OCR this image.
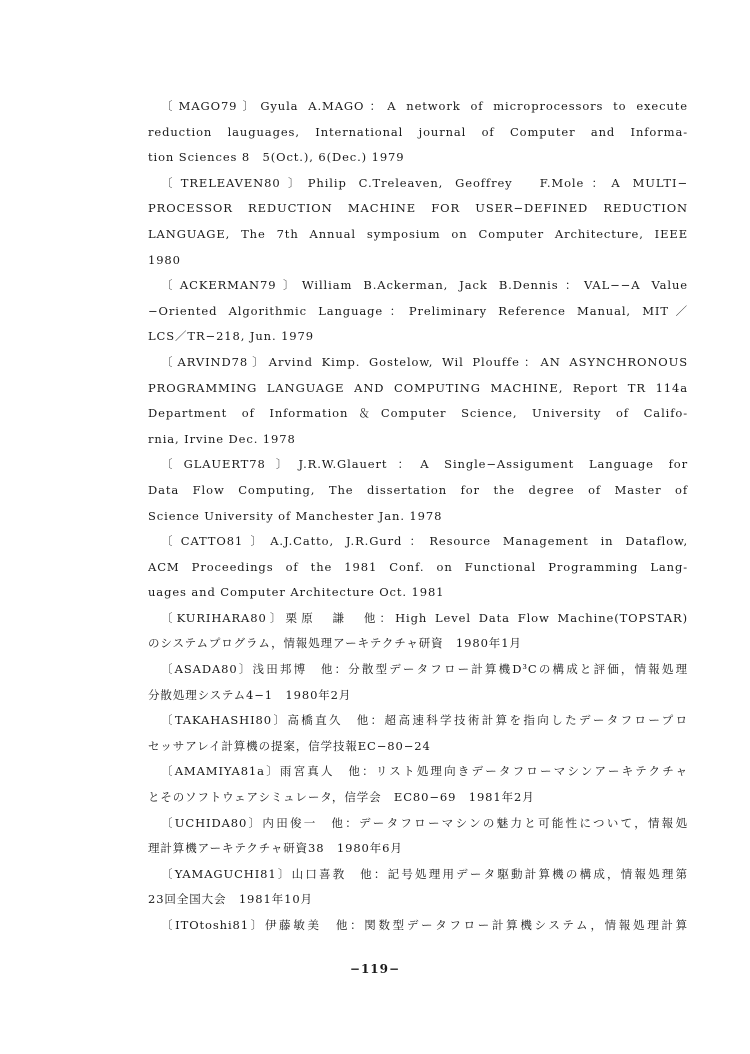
〔MAGO79〕Gyula A.MAGO：A network of microprocessors to execute
reduction lauguages, International journal of Computer and Informa-
tion Sciences 8　5(Oct.), 6(Dec.) 1979
〔TRELEAVEN80〕Philip C.Treleaven, Geoffrey　F.Mole：A MULTI−
PROCESSOR REDUCTION MACHINE FOR USER−DEFINED REDUCTION
LANGUAGE, The 7th Annual symposium on Computer Architecture, IEEE
1980
〔ACKERMAN79〕William B.Ackerman, Jack B.Dennis：VAL−−A Value
−Oriented Algorithmic Language：Preliminary Reference Manual, MIT／
LCS／TR−218, Jun. 1979
〔ARVIND78〕Arvind Kimp. Gostelow, Wil Plouffe：AN ASYNCHRONOUS
PROGRAMMING LANGUAGE AND COMPUTING MACHINE, Report TR 114a
Department of Information＆Computer Science, University of Califo-
rnia, Irvine Dec. 1978
〔GLAUERT78〕J.R.W.Glauert：A Single−Assigument Language for
Data Flow Computing, The dissertation for the degree of Master of
Science University of Manchester Jan. 1978
〔CATTO81〕A.J.Catto, J.R.Gurd：Resource Management in Dataflow,
ACM Proceedings of the 1981 Conf. on Functional Programming Lang-
uages and Computer Architecture Oct. 1981
〔KURIHARA80〕栗原　謙　他：High Level Data Flow Machine(TOPSTAR)
のシステムプログラム，情報処理アーキテクチャ研資　1980年1月
〔ASADA80〕浅田邦博　他：分散型データフロー計算機D³Cの構成と評価，情報処理
分散処理システム4−1　1980年2月
〔TAKAHASHI80〕高橋直久　他：超高速科学技術計算を指向したデータフロープロ
セッサアレイ計算機の提案，信学技報EC−80−24
〔AMAMIYA81a〕雨宮真人　他：リスト処理向きデータフローマシンアーキテクチャ
とそのソフトウェアシミュレータ，信学会　EC80−69　1981年2月
〔UCHIDA80〕内田俊一　他：データフローマシンの魅力と可能性について，情報処
理計算機アーキテクチャ研資38　1980年6月
〔YAMAGUCHI81〕山口喜教　他：記号処理用データ駆動計算機の構成，情報処理第
23回全国大会　1981年10月
〔ITOtoshi81〕伊藤敏美　他：関数型データフロー計算機システム，情報処理計算
−119−
